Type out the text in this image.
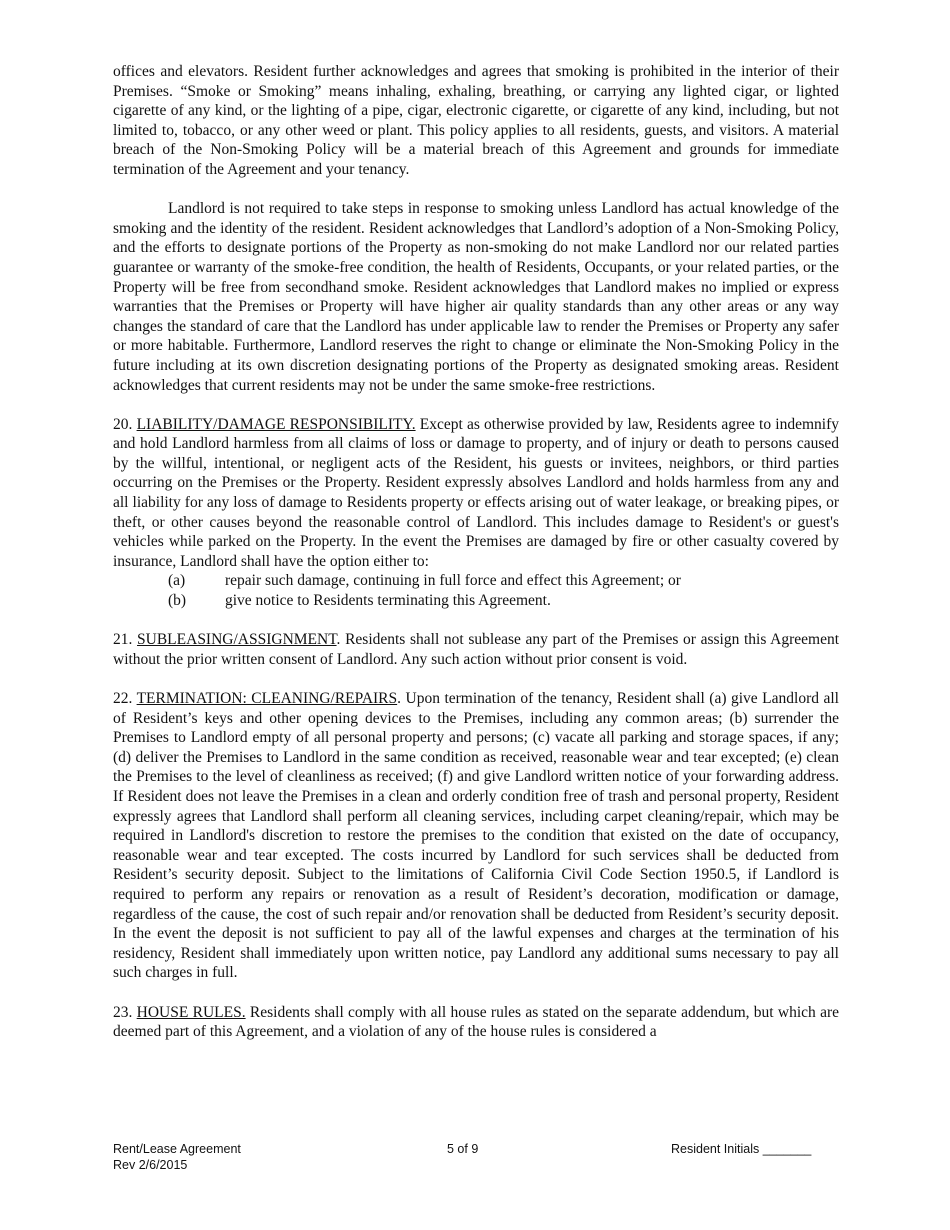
offices and elevators. Resident further acknowledges and agrees that smoking is prohibited in the interior of their Premises. “Smoke or Smoking” means inhaling, exhaling, breathing, or carrying any lighted cigar, or lighted cigarette of any kind, or the lighting of a pipe, cigar, electronic cigarette, or cigarette of any kind, including, but not limited to, tobacco, or any other weed or plant. This policy applies to all residents, guests, and visitors. A material breach of the Non-Smoking Policy will be a material breach of this Agreement and grounds for immediate termination of the Agreement and your tenancy.

Landlord is not required to take steps in response to smoking unless Landlord has actual knowledge of the smoking and the identity of the resident. Resident acknowledges that Landlord’s adoption of a Non-Smoking Policy, and the efforts to designate portions of the Property as non-smoking do not make Landlord nor our related parties guarantee or warranty of the smoke-free condition, the health of Residents, Occupants, or your related parties, or the Property will be free from secondhand smoke. Resident acknowledges that Landlord makes no implied or express warranties that the Premises or Property will have higher air quality standards than any other areas or any way changes the standard of care that the Landlord has under applicable law to render the Premises or Property any safer or more habitable. Furthermore, Landlord reserves the right to change or eliminate the Non-Smoking Policy in the future including at its own discretion designating portions of the Property as designated smoking areas. Resident acknowledges that current residents may not be under the same smoke-free restrictions.

20. LIABILITY/DAMAGE RESPONSIBILITY. Except as otherwise provided by law, Residents agree to indemnify and hold Landlord harmless from all claims of loss or damage to property, and of injury or death to persons caused by the willful, intentional, or negligent acts of the Resident, his guests or invitees, neighbors, or third parties occurring on the Premises or the Property. Resident expressly absolves Landlord and holds harmless from any and all liability for any loss of damage to Residents property or effects arising out of water leakage, or breaking pipes, or theft, or other causes beyond the reasonable control of Landlord. This includes damage to Resident's or guest's vehicles while parked on the Property. In the event the Premises are damaged by fire or other casualty covered by insurance, Landlord shall have the option either to:

(a)	repair such damage, continuing in full force and effect this Agreement; or
(b)	give notice to Residents terminating this Agreement.

21. SUBLEASING/ASSIGNMENT. Residents shall not sublease any part of the Premises or assign this Agreement without the prior written consent of Landlord. Any such action without prior consent is void.

22. TERMINATION: CLEANING/REPAIRS. Upon termination of the tenancy, Resident shall (a) give Landlord all of Resident’s keys and other opening devices to the Premises, including any common areas; (b) surrender the Premises to Landlord empty of all personal property and persons; (c) vacate all parking and storage spaces, if any; (d) deliver the Premises to Landlord in the same condition as received, reasonable wear and tear excepted; (e) clean the Premises to the level of cleanliness as received; (f) and give Landlord written notice of your forwarding address. If Resident does not leave the Premises in a clean and orderly condition free of trash and personal property, Resident expressly agrees that Landlord shall perform all cleaning services, including carpet cleaning/repair, which may be required in Landlord's discretion to restore the premises to the condition that existed on the date of occupancy, reasonable wear and tear excepted. The costs incurred by Landlord for such services shall be deducted from Resident’s security deposit. Subject to the limitations of California Civil Code Section 1950.5, if Landlord is required to perform any repairs or renovation as a result of Resident’s decoration, modification or damage, regardless of the cause, the cost of such repair and/or renovation shall be deducted from Resident’s security deposit. In the event the deposit is not sufficient to pay all of the lawful expenses and charges at the termination of his residency, Resident shall immediately upon written notice, pay Landlord any additional sums necessary to pay all such charges in full.

23. HOUSE RULES. Residents shall comply with all house rules as stated on the separate addendum, but which are deemed part of this Agreement, and a violation of any of the house rules is considered a

Rent/Lease Agreement
Rev 2/6/2015
5 of 9	Resident Initials _______
